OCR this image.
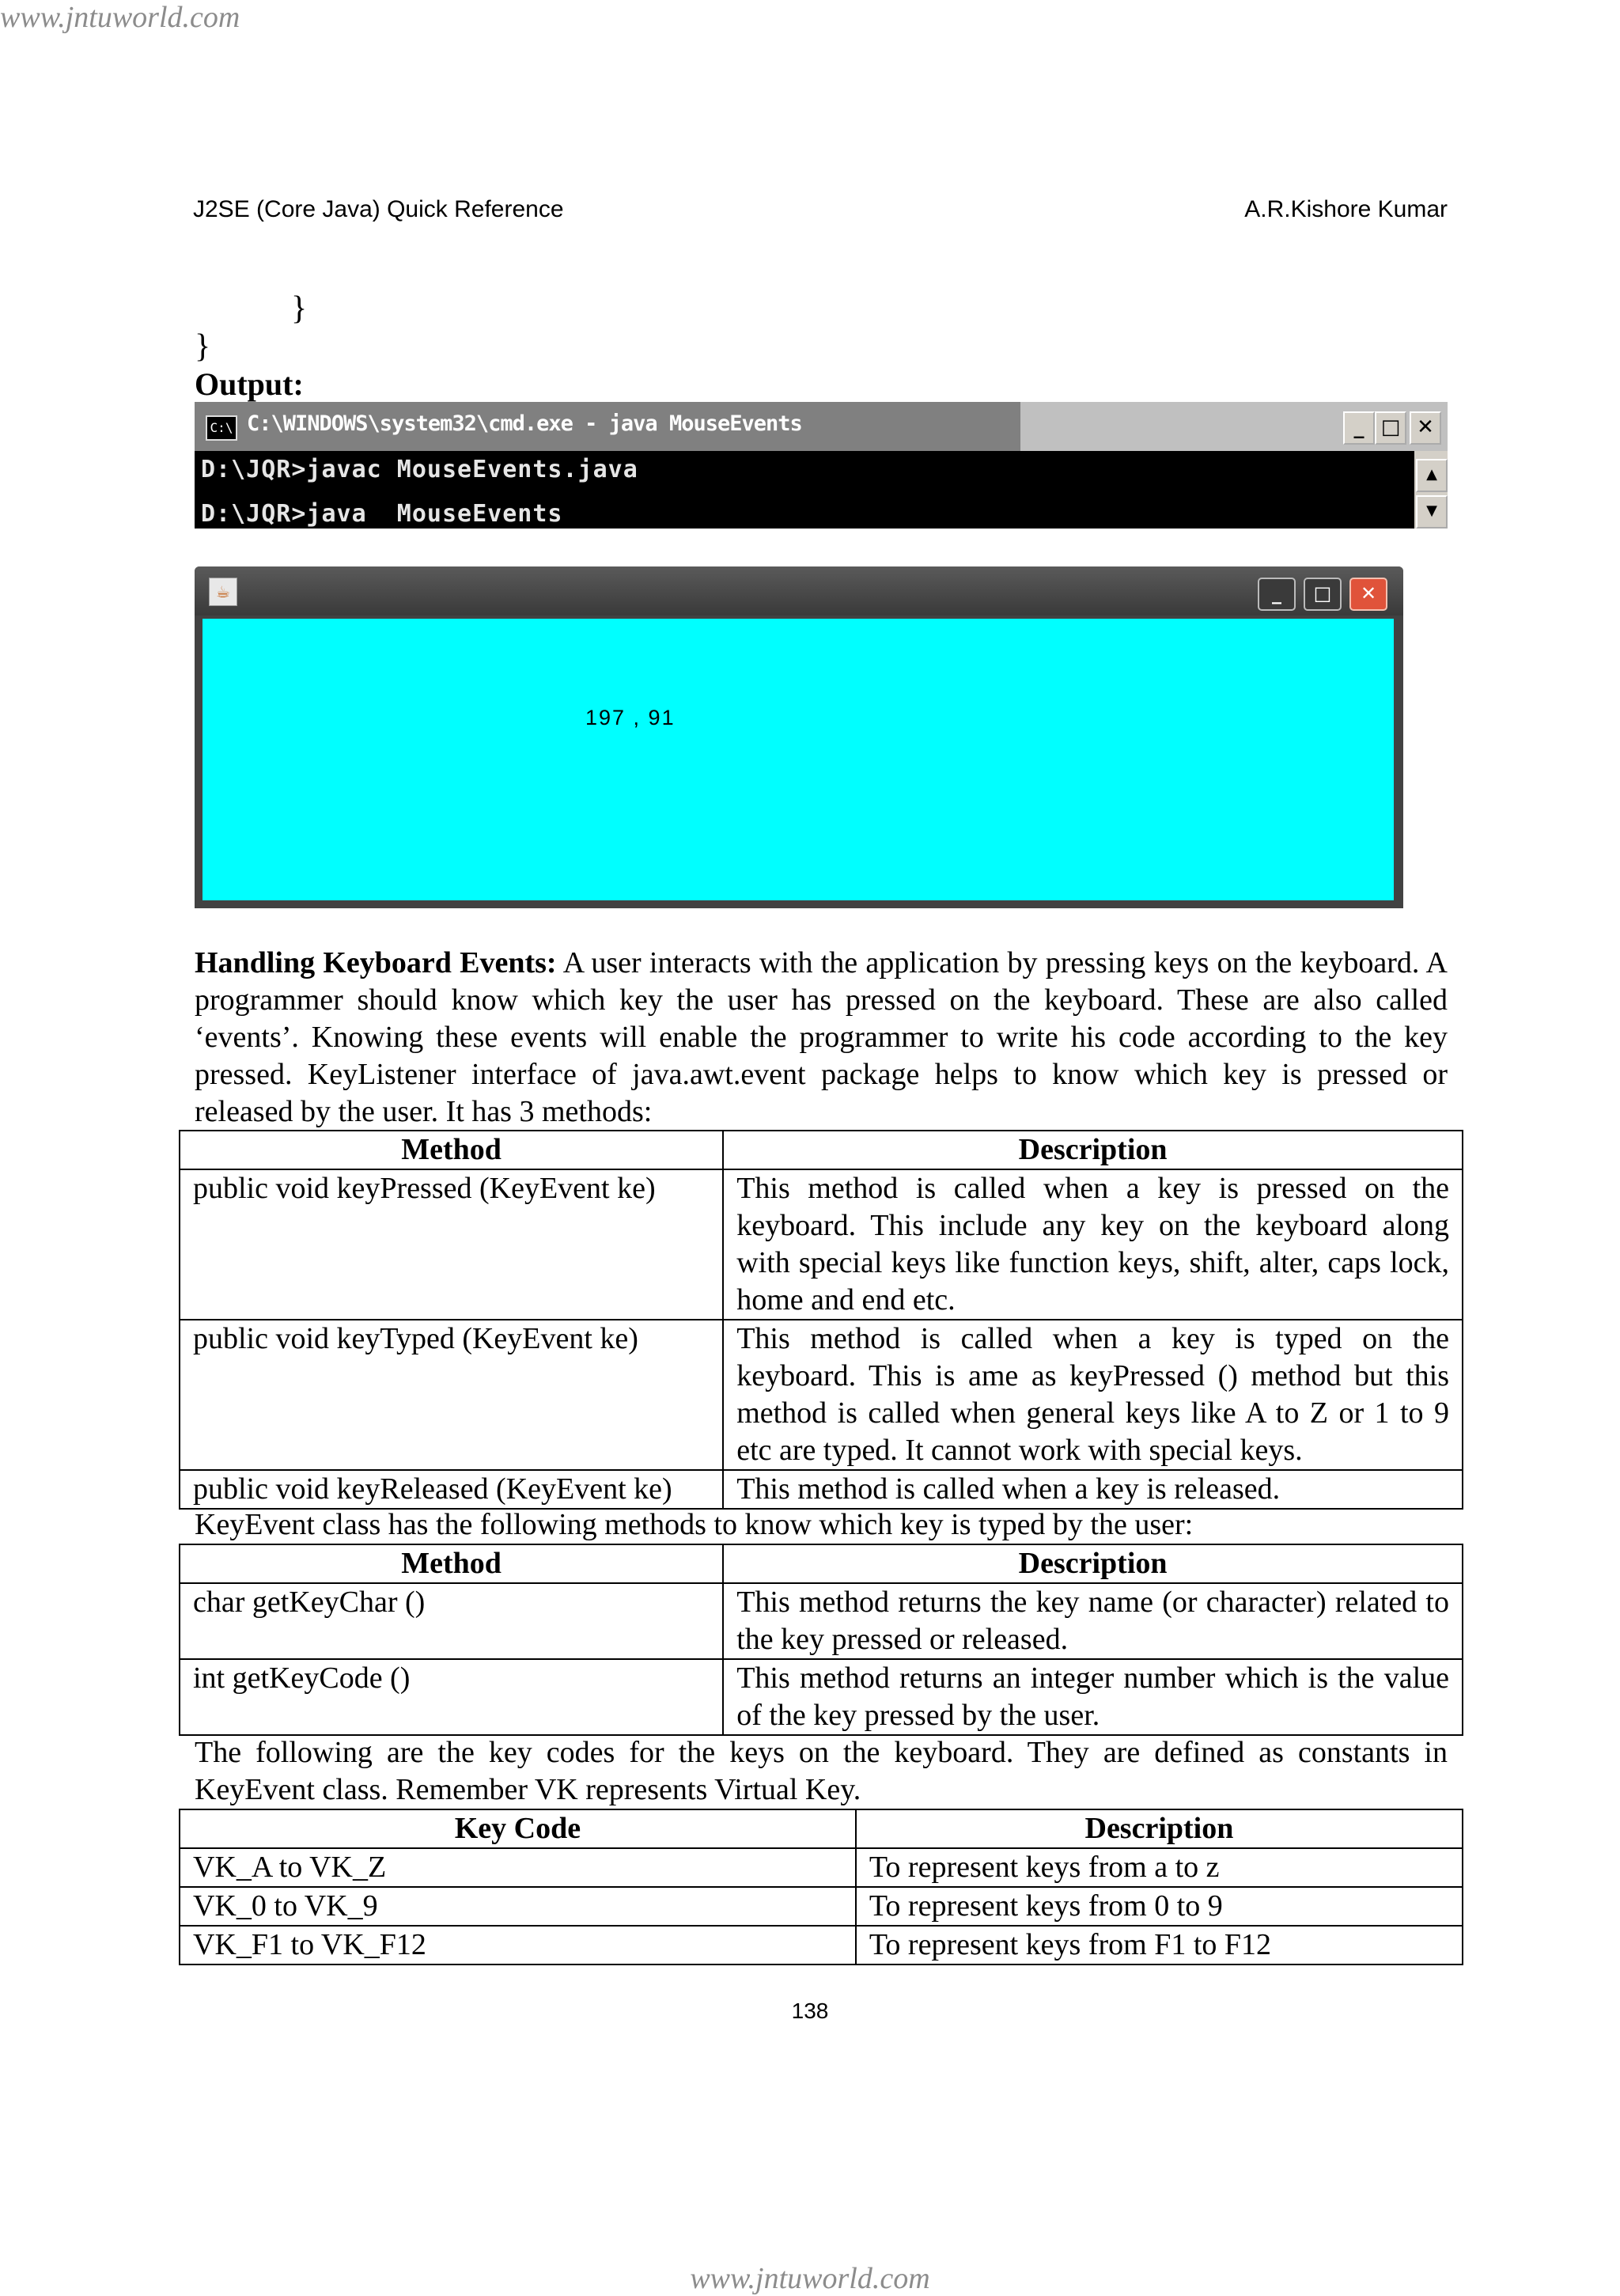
www.jntuworld.com
J2SE (Core Java) Quick Reference	A.R.Kishore Kumar
}
}
Output:
C:\ C:\WINDOWS\system32\cmd.exe - java MouseEvents	_ □ ✕
D:\JQR>javac MouseEvents.java
D:\JQR>java  MouseEvents
▲
▼
☕	_	□	✕
197 , 91
Handling Keyboard Events: A user interacts with the application by pressing keys on the keyboard. A programmer should know which key the user has pressed on the keyboard. These are also called ‘events’. Knowing these events will enable the programmer to write his code according to the key pressed. KeyListener interface of java.awt.event package helps to know which key is pressed or released by the user. It has 3 methods:
Method	Description
public void keyPressed (KeyEvent ke)	This method is called when a key is pressed on the keyboard. This include any key on the keyboard along with special keys like function keys, shift, alter, caps lock, home and end etc.
public void keyTyped (KeyEvent ke)	This method is called when a key is typed on the keyboard. This is ame as keyPressed () method but this method is called when general keys like A to Z or 1 to 9 etc are typed. It cannot work with special keys.
public void keyReleased (KeyEvent ke)	This method is called when a key is released.
KeyEvent class has the following methods to know which key is typed by the user:
Method	Description
char getKeyChar ()	This method returns the key name (or character) related to the key pressed or released.
int getKeyCode ()	This method returns an integer number which is the value of the key pressed by the user.
The following are the key codes for the keys on the keyboard. They are defined as constants in KeyEvent class. Remember VK represents Virtual Key.
Key Code	Description
VK_A to VK_Z	To represent keys from a to z
VK_0 to VK_9	To represent keys from 0 to 9
VK_F1 to VK_F12	To represent keys from F1 to F12
138
www.jntuworld.com
